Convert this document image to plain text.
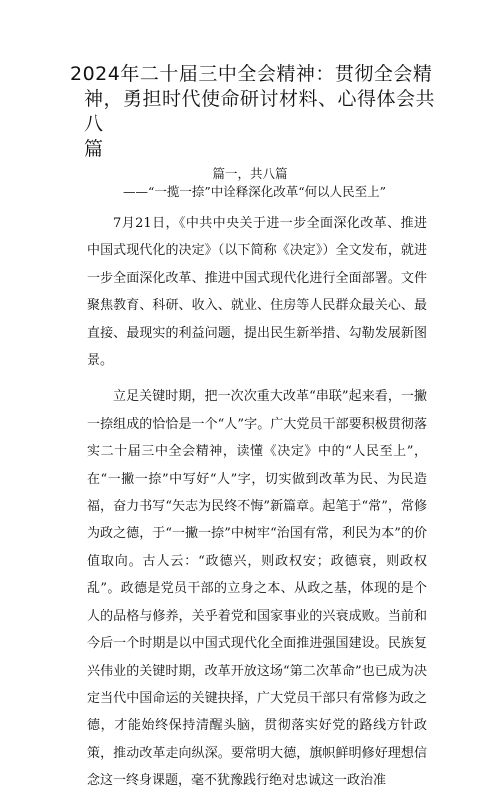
2024年二十届三中全会精神：贯彻全会精
神，勇担时代使命研讨材料、心得体会共八
篇
篇一，共八篇
——“一揽一捺”中诠释深化改革“何以人民至上”

7月21日，《中共中央关于进一步全面深化改革、推进中国式现代化的决定》（以下简称《决定》）全文发布，就进一步全面深化改革、推进中国式现代化进行全面部署。文件聚焦教育、科研、收入、就业、住房等人民群众最关心、最直接、最现实的利益问题，提出民生新举措、勾勒发展新图景。

立足关键时期，把一次次重大改革“串联”起来看，一撇一捺组成的恰恰是一个“人”字。广大党员干部要积极贯彻落实二十届三中全会精神，读懂《决定》中的“人民至上”，在“一撇一捺”中写好“人”字，切实做到改革为民、为民造福，奋力书写“矢志为民终不悔”新篇章。起笔于“常”，常修为政之德，于“一撇一捺”中树牢“治国有常，利民为本”的价值取向。古人云：“政德兴，则政权安；政德衰，则政权乱”。政德是党员干部的立身之本、从政之基，体现的是个人的品格与修养，关乎着党和国家事业的兴衰成败。当前和今后一个时期是以中国式现代化全面推进强国建设。民族复兴伟业的关键时期，改革开放这场“第二次革命”也已成为决定当代中国命运的关键抉择，广大党员干部只有常修为政之德，才能始终保持清醒头脑，贯彻落实好党的路线方针政策，推动改革走向纵深。要常明大德，旗帜鲜明修好理想信念这一终身课题，毫不犹豫践行绝对忠诚这一政治准
